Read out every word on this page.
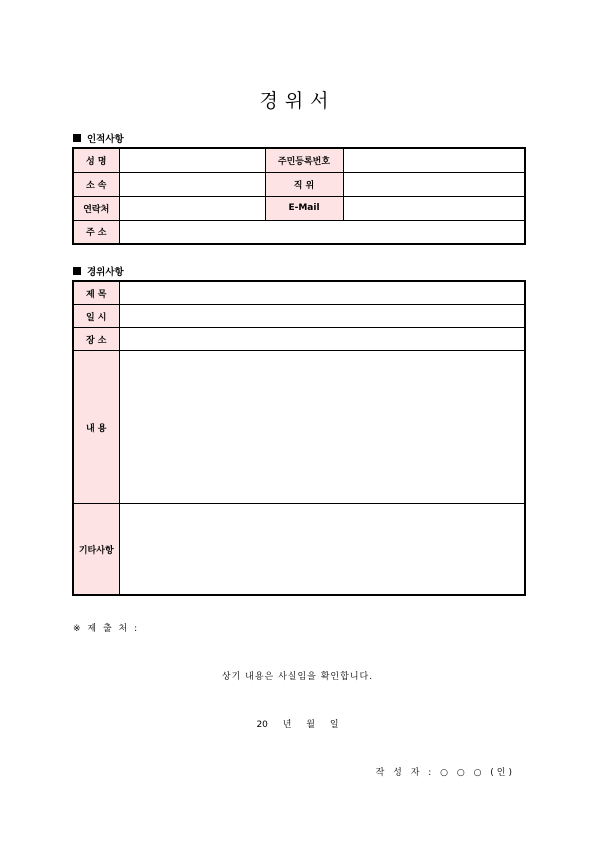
경위서
인적사항
성 명		주민등록번호	
소 속		직 위	
연락처		E-Mail	
주 소			
경위사항
제 목	
일 시	
장 소	
내 용	
기타사항	
※ 제 출 처 :
상기 내용은 사실임을 확인합니다.
20 년 월 일
작 성 자 : ○ ○ ○ (인)
